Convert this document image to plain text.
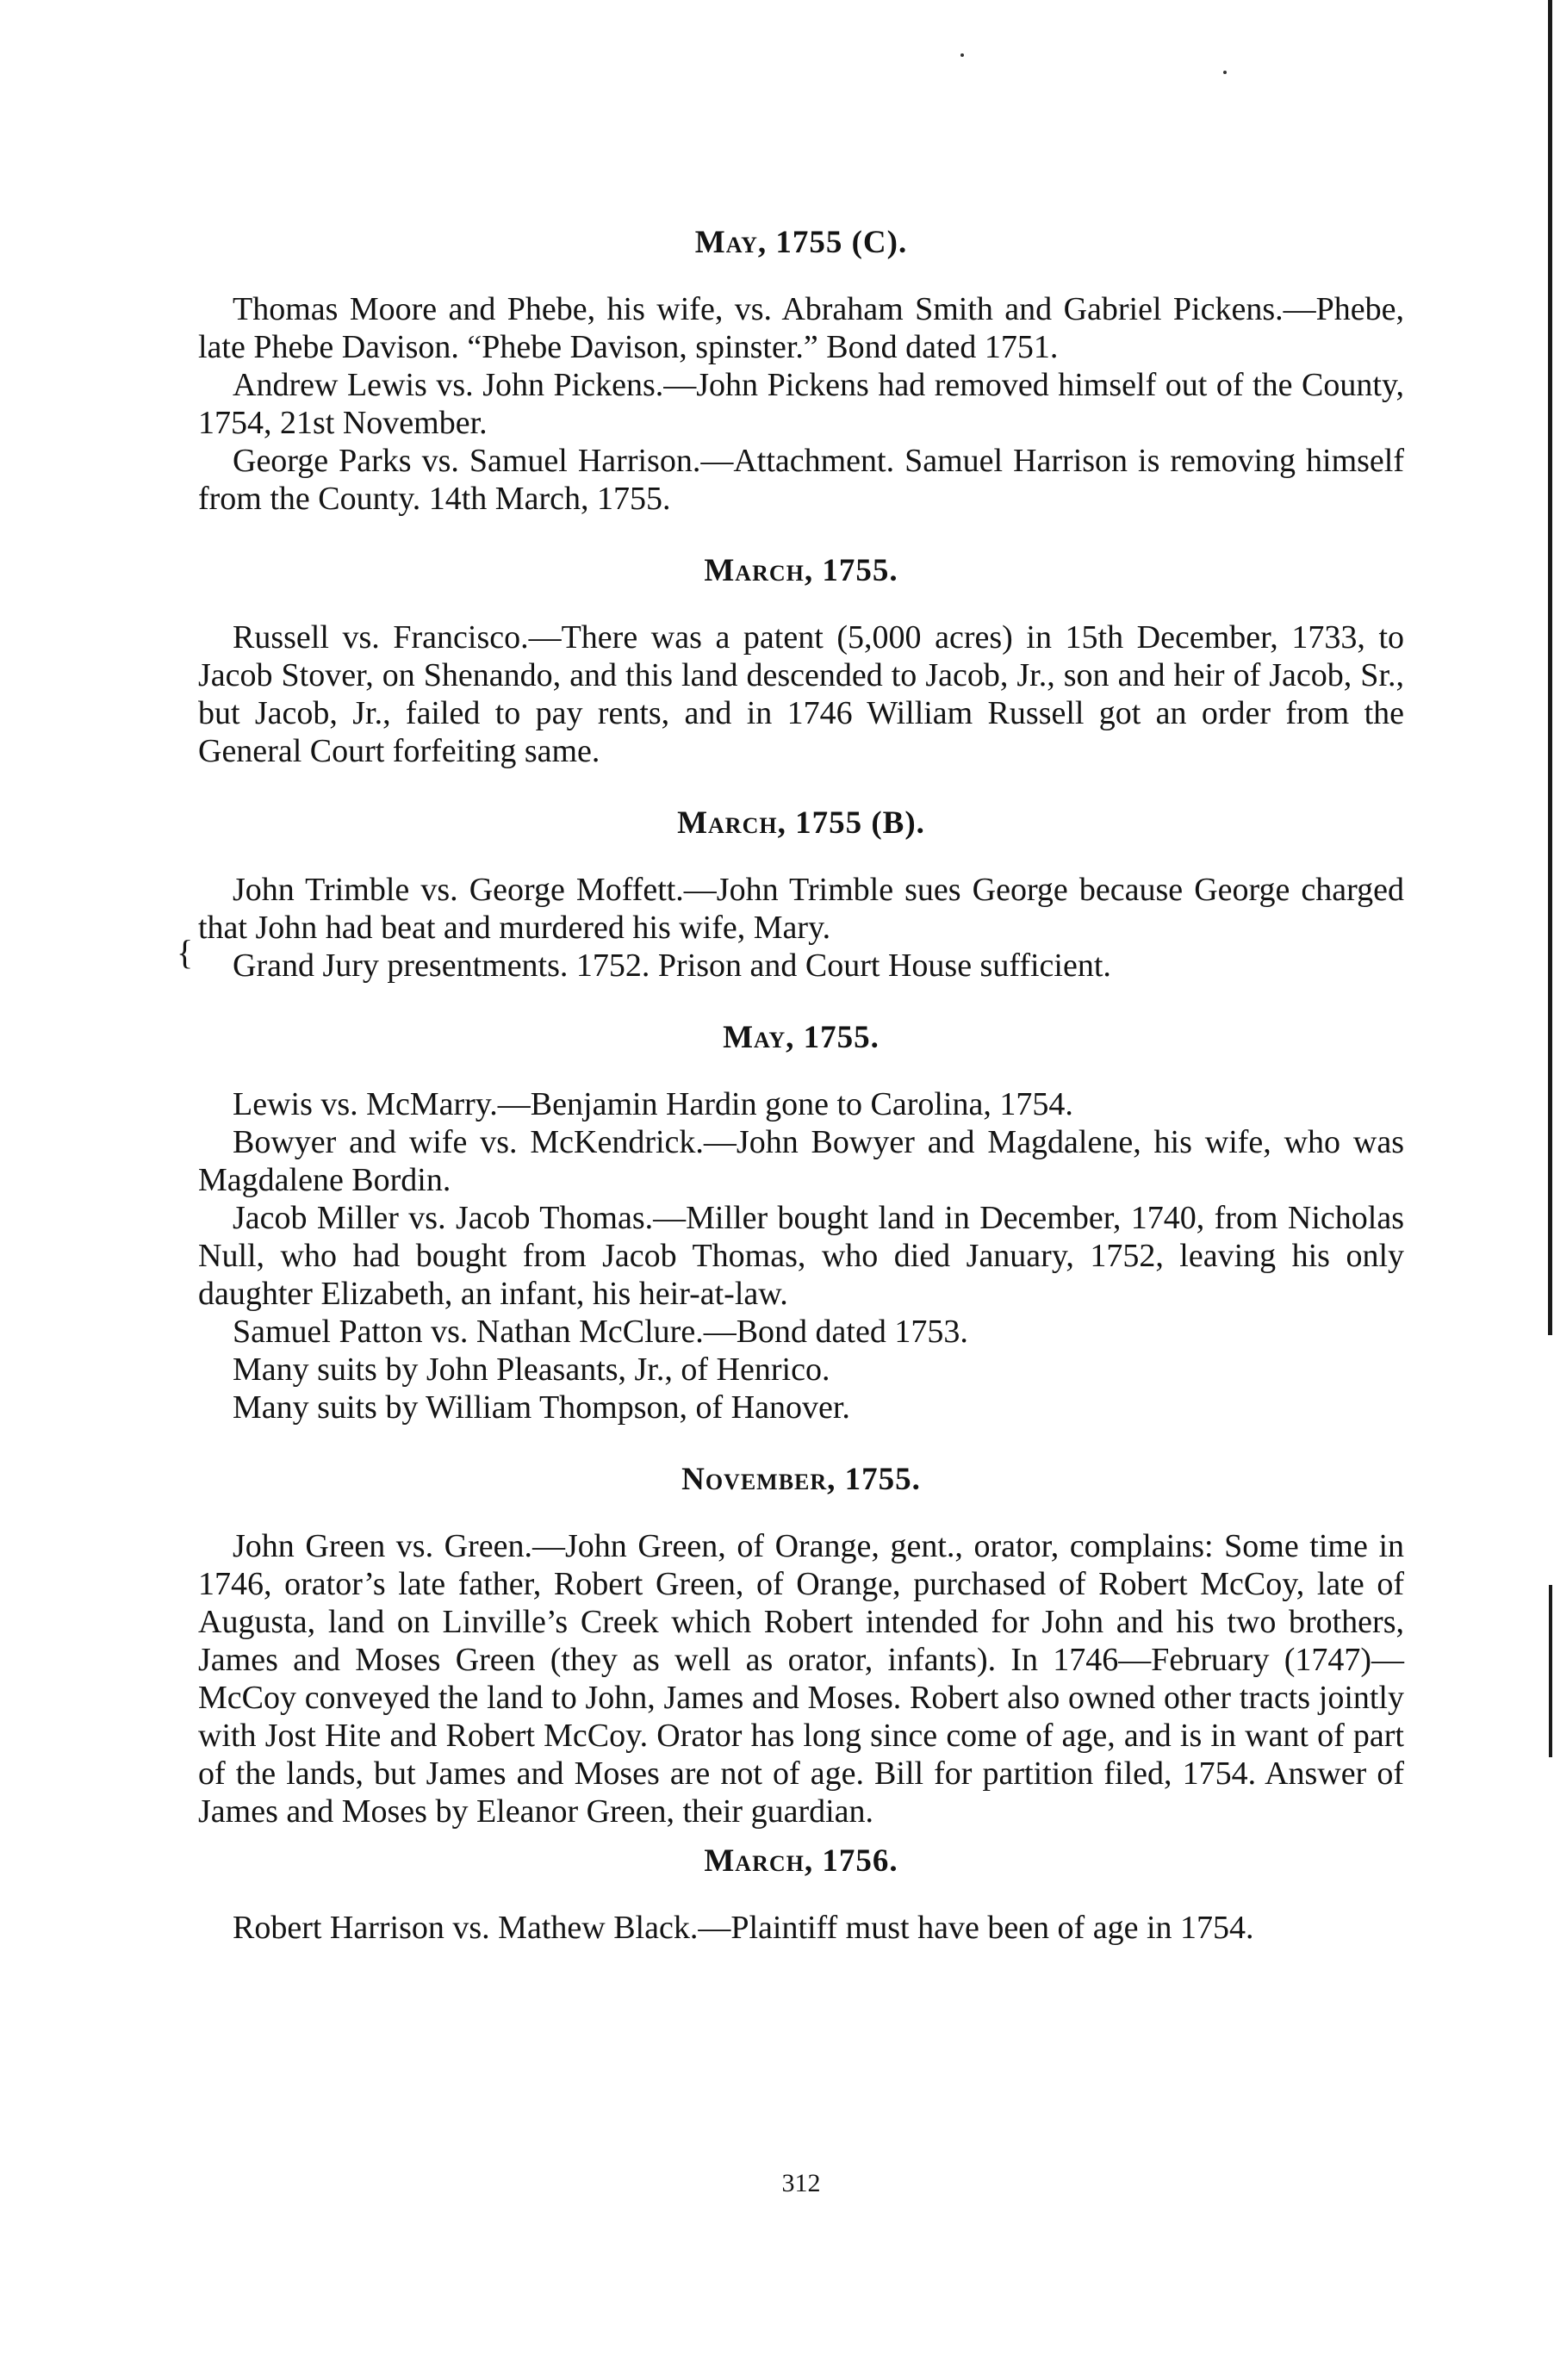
{
May, 1755 (C).

Thomas Moore and Phebe, his wife, vs. Abraham Smith and Gabriel Pickens.—Phebe, late Phebe Davison. “Phebe Davison, spinster.” Bond dated 1751.

Andrew Lewis vs. John Pickens.—John Pickens had removed himself out of the County, 1754, 21st November.

George Parks vs. Samuel Harrison.—Attachment. Samuel Harrison is removing himself from the County. 14th March, 1755.

March, 1755.

Russell vs. Francisco.—There was a patent (5,000 acres) in 15th December, 1733, to Jacob Stover, on Shenando, and this land descended to Jacob, Jr., son and heir of Jacob, Sr., but Jacob, Jr., failed to pay rents, and in 1746 William Russell got an order from the General Court forfeiting same.

March, 1755 (B).

John Trimble vs. George Moffett.—John Trimble sues George because George charged that John had beat and murdered his wife, Mary.

Grand Jury presentments. 1752. Prison and Court House sufficient.

May, 1755.

Lewis vs. McMarry.—Benjamin Hardin gone to Carolina, 1754.

Bowyer and wife vs. McKendrick.—John Bowyer and Magdalene, his wife, who was Magdalene Bordin.

Jacob Miller vs. Jacob Thomas.—Miller bought land in December, 1740, from Nicholas Null, who had bought from Jacob Thomas, who died January, 1752, leaving his only daughter Elizabeth, an infant, his heir-at-law.

Samuel Patton vs. Nathan McClure.—Bond dated 1753.

Many suits by John Pleasants, Jr., of Henrico.

Many suits by William Thompson, of Hanover.

November, 1755.

John Green vs. Green.—John Green, of Orange, gent., orator, complains: Some time in 1746, orator’s late father, Robert Green, of Orange, purchased of Robert McCoy, late of Augusta, land on Linville’s Creek which Robert intended for John and his two brothers, James and Moses Green (they as well as orator, infants). In 1746—February (1747)—McCoy conveyed the land to John, James and Moses. Robert also owned other tracts jointly with Jost Hite and Robert McCoy. Orator has long since come of age, and is in want of part of the lands, but James and Moses are not of age. Bill for partition filed, 1754. Answer of James and Moses by Eleanor Green, their guardian.

March, 1756.

Robert Harrison vs. Mathew Black.—Plaintiff must have been of age in 1754.

312
